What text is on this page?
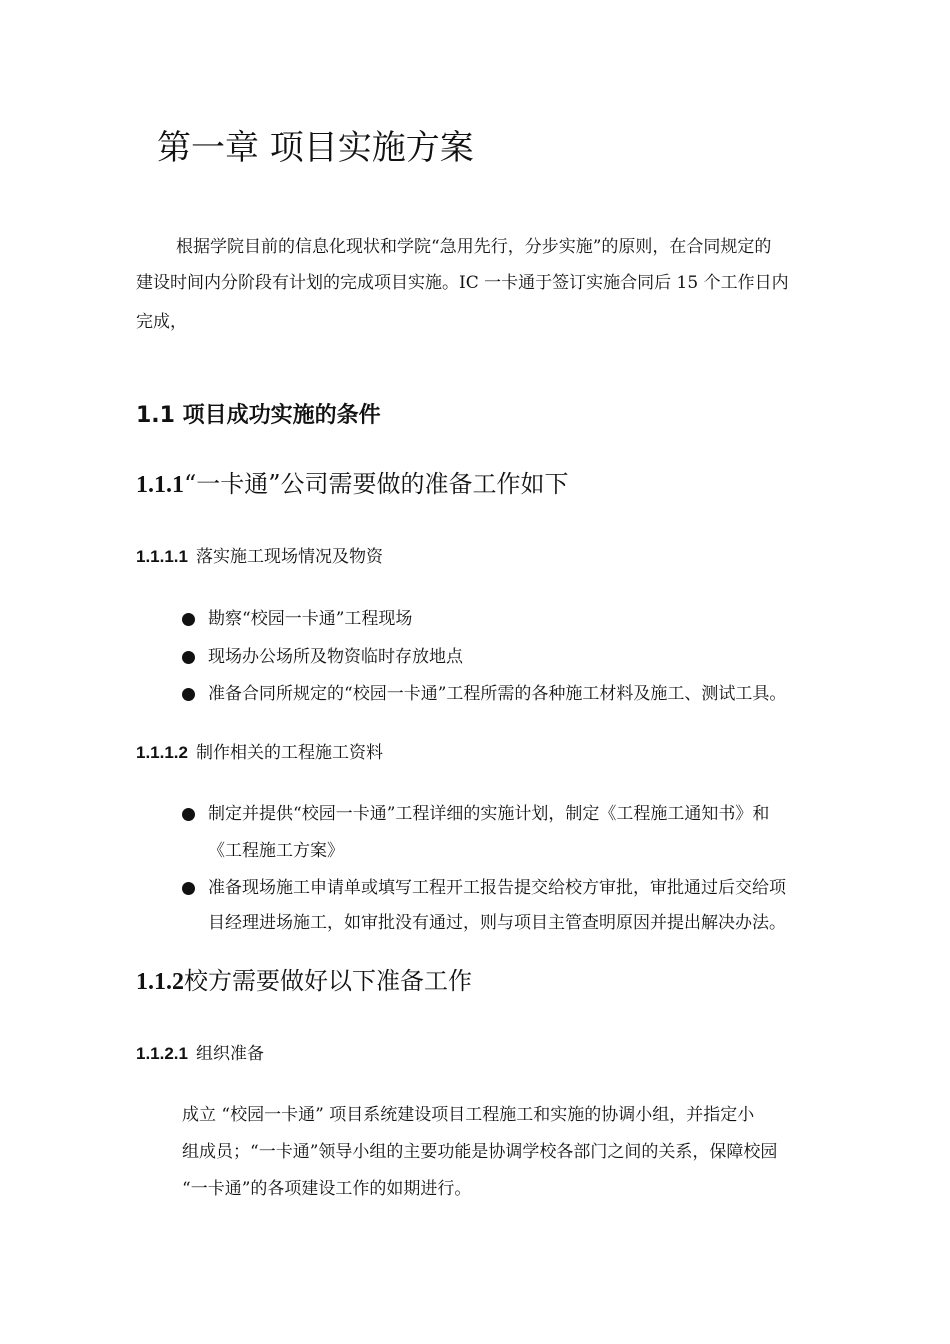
第一章 项目实施方案
根据学院目前的信息化现状和学院“急用先行，分步实施”的原则，在合同规定的
建设时间内分阶段有计划的完成项目实施。IC 一卡通于签订实施合同后 15 个工作日内
完成，
1.1 项目成功实施的条件
1.1.1“一卡通”公司需要做的准备工作如下
1.1.1.1 落实施工现场情况及物资
勘察“校园一卡通”工程现场
现场办公场所及物资临时存放地点
准备合同所规定的“校园一卡通”工程所需的各种施工材料及施工、测试工具。
1.1.1.2 制作相关的工程施工资料
制定并提供“校园一卡通”工程详细的实施计划，制定《工程施工通知书》和
《工程施工方案》
准备现场施工申请单或填写工程开工报告提交给校方审批，审批通过后交给项
目经理进场施工，如审批没有通过，则与项目主管查明原因并提出解决办法。
1.1.2校方需要做好以下准备工作
1.1.2.1 组织准备
成立 “校园一卡通” 项目系统建设项目工程施工和实施的协调小组，并指定小
组成员；“一卡通”领导小组的主要功能是协调学校各部门之间的关系，保障校园
“一卡通”的各项建设工作的如期进行。
